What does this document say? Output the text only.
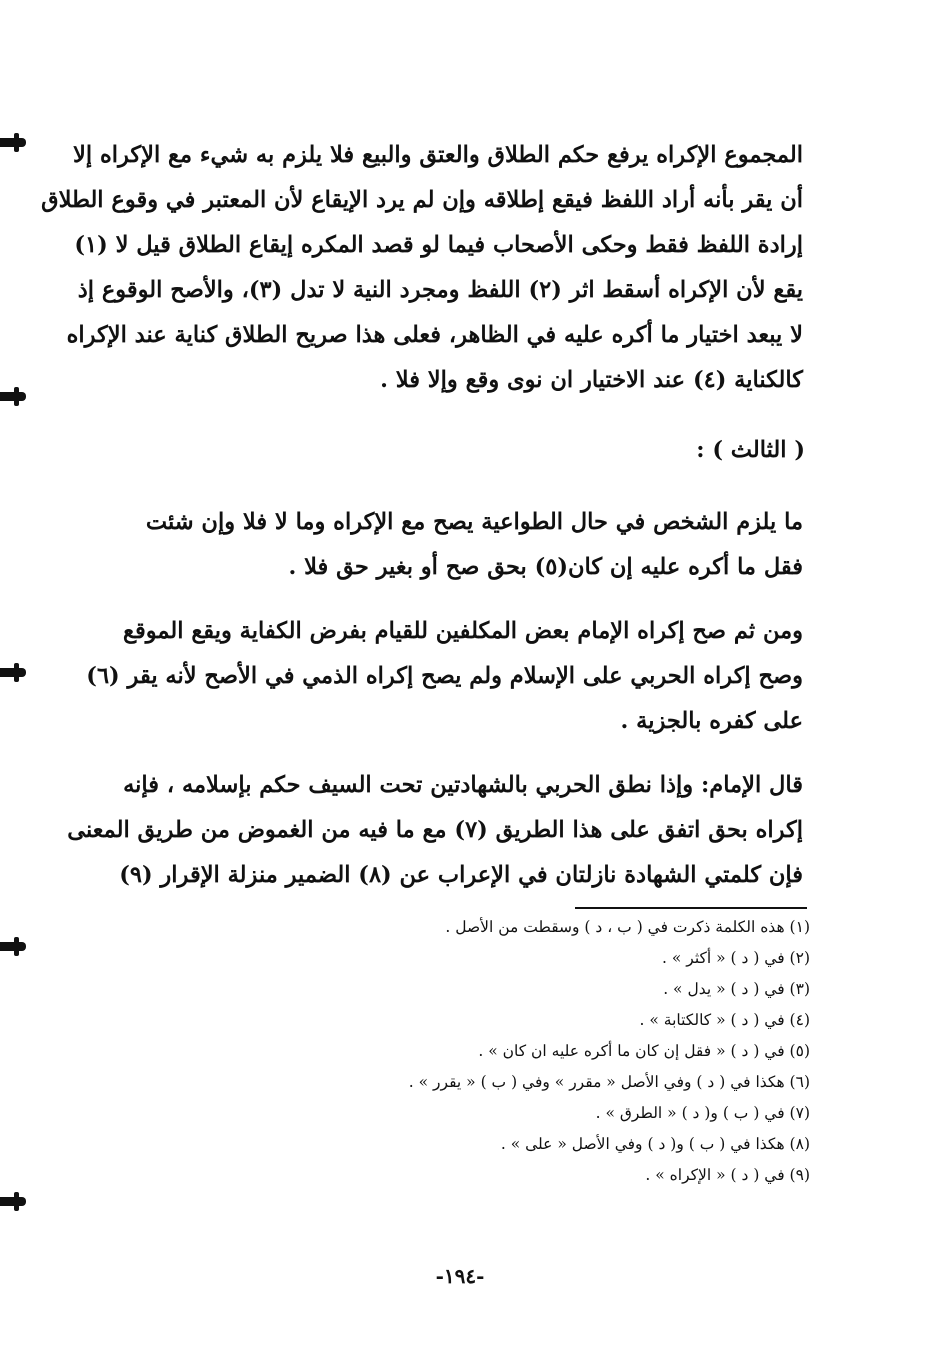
المجموع الإكراه يرفع حكم الطلاق والعتق والبيع فلا يلزم به شيء مع الإكراه إلا
أن يقر بأنه أراد اللفظ فيقع إطلاقه وإن لم يرد الإيقاع لأن المعتبر في وقوع الطلاق
إرادة اللفظ فقط وحكى الأصحاب فيما لو قصد المكره إيقاع الطلاق قيل لا (١)
يقع لأن الإكراه أسقط اثر (٢) اللفظ ومجرد النية لا تدل (٣)، والأصح الوقوع إذ
لا يبعد اختيار ما أكره عليه في الظاهر، فعلى هذا صريح الطلاق كناية عند الإكراه
كالكناية (٤) عند الاختيار ان نوى وقع وإلا فلا .
( الثالث ) :
ما يلزم الشخص في حال الطواعية يصح مع الإكراه وما لا فلا وإن شئت
فقل ما أكره عليه إن كان(٥) بحق صح أو بغير حق فلا .
ومن ثم صح إكراه الإمام بعض المكلفين للقيام بفرض الكفاية ويقع الموقع
وصح إكراه الحربي على الإسلام ولم يصح إكراه الذمي في الأصح لأنه يقر (٦)
على كفره بالجزية .
قال الإمام: وإذا نطق الحربي بالشهادتين تحت السيف حكم بإسلامه ، فإنه
إكراه بحق اتفق على هذا الطريق (٧) مع ما فيه من الغموض من طريق المعنى
فإن كلمتي الشهادة نازلتان في الإعراب عن (٨) الضمير منزلة الإقرار (٩)
(١) هذه الكلمة ذكرت في ( ب ، د ) وسقطت من الأصل .
(٢) في ( د ) « أكثر » .
(٣) في ( د ) « يدل » .
(٤) في ( د ) « كالكتابة » .
(٥) في ( د ) « فقل إن كان ما أكره عليه ان كان » .
(٦) هكذا في ( د ) وفي الأصل « مقرر » وفي ( ب ) « يقرر » .
(٧) في ( ب ) و( د ) « الطرق » .
(٨) هكذا في ( ب ) و( د ) وفي الأصل « على » .
(٩) في ( د ) « الإكراه » .
-١٩٤-
